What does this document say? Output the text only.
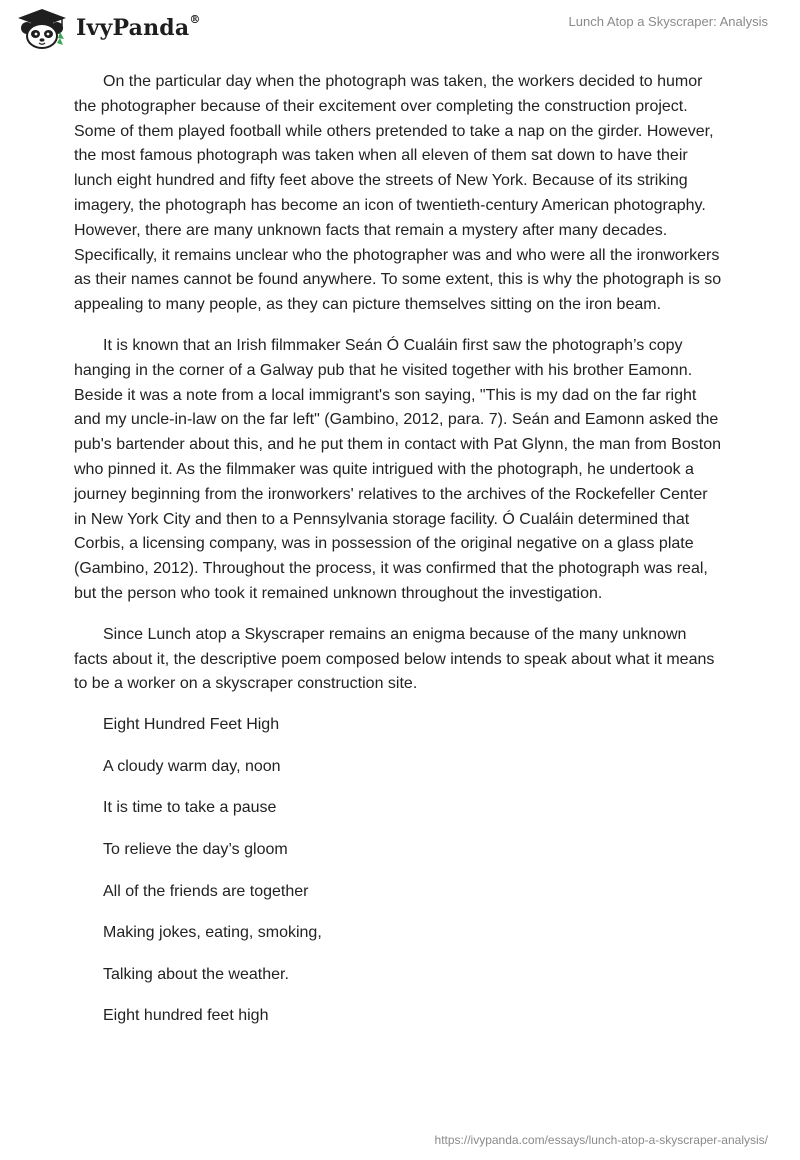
IvyPanda®	Lunch Atop a Skyscraper: Analysis

On the particular day when the photograph was taken, the workers decided to humor the photographer because of their excitement over completing the construction project. Some of them played football while others pretended to take a nap on the girder. However, the most famous photograph was taken when all eleven of them sat down to have their lunch eight hundred and fifty feet above the streets of New York. Because of its striking imagery, the photograph has become an icon of twentieth-century American photography. However, there are many unknown facts that remain a mystery after many decades. Specifically, it remains unclear who the photographer was and who were all the ironworkers as their names cannot be found anywhere. To some extent, this is why the photograph is so appealing to many people, as they can picture themselves sitting on the iron beam.

It is known that an Irish filmmaker Seán Ó Cualáin first saw the photograph’s copy hanging in the corner of a Galway pub that he visited together with his brother Eamonn. Beside it was a note from a local immigrant's son saying, "This is my dad on the far right and my uncle-in-law on the far left" (Gambino, 2012, para. 7). Seán and Eamonn asked the pub's bartender about this, and he put them in contact with Pat Glynn, the man from Boston who pinned it. As the filmmaker was quite intrigued with the photograph, he undertook a journey beginning from the ironworkers' relatives to the archives of the Rockefeller Center in New York City and then to a Pennsylvania storage facility. Ó Cualáin determined that Corbis, a licensing company, was in possession of the original negative on a glass plate (Gambino, 2012). Throughout the process, it was confirmed that the photograph was real, but the person who took it remained unknown throughout the investigation.

Since Lunch atop a Skyscraper remains an enigma because of the many unknown facts about it, the descriptive poem composed below intends to speak about what it means to be a worker on a skyscraper construction site.

Eight Hundred Feet High

A cloudy warm day, noon

It is time to take a pause

To relieve the day’s gloom

All of the friends are together

Making jokes, eating, smoking,

Talking about the weather.

Eight hundred feet high

https://ivypanda.com/essays/lunch-atop-a-skyscraper-analysis/
